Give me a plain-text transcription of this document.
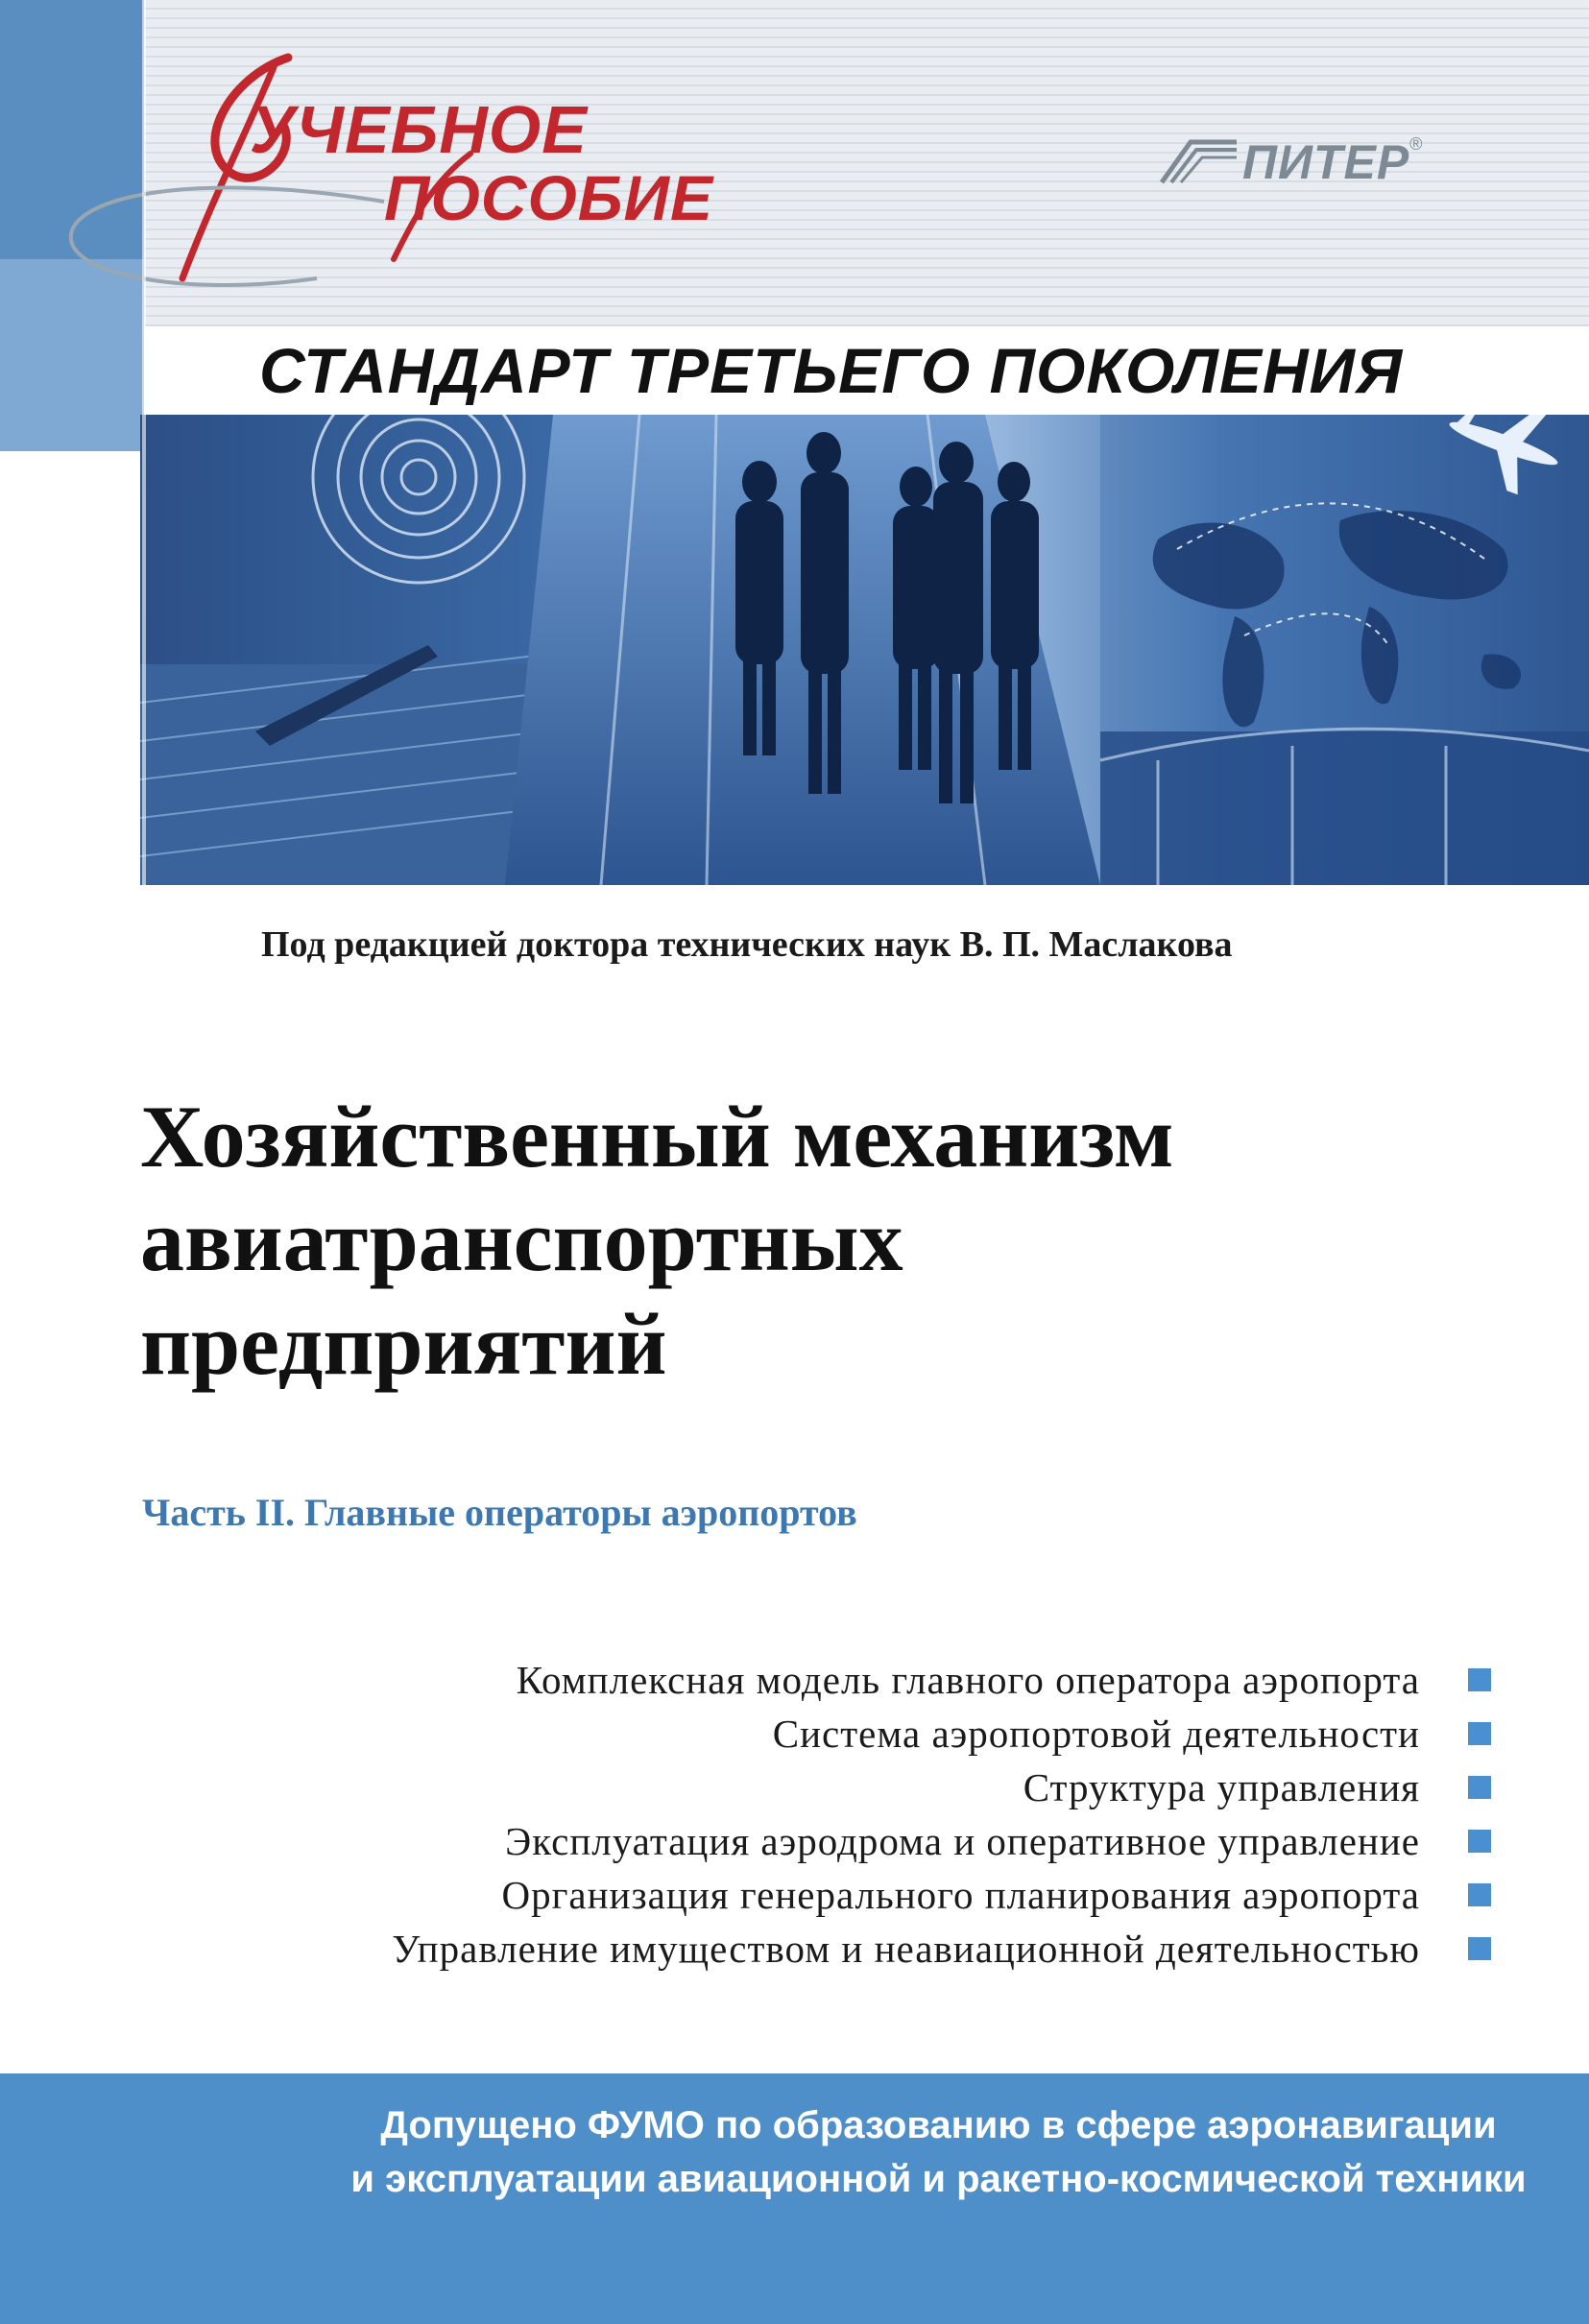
УЧЕБНОЕ
ПОСОБИЕ	ПИТЕР ®
СТАНДАРТ ТРЕТЬЕГО ПОКОЛЕНИЯ
Под редакцией доктора технических наук В. П. Маслакова
Хозяйственный механизм
авиатранспортных
предприятий
Часть II. Главные операторы аэропортов
Комплексная модель главного оператора аэропорта
Система аэропортовой деятельности
Структура управления
Эксплуатация аэродрома и оперативное управление
Организация генерального планирования аэропорта
Управление имуществом и неавиационной деятельностью
Допущено ФУМО по образованию в сфере аэронавигации
и эксплуатации авиационной и ракетно-космической техники
